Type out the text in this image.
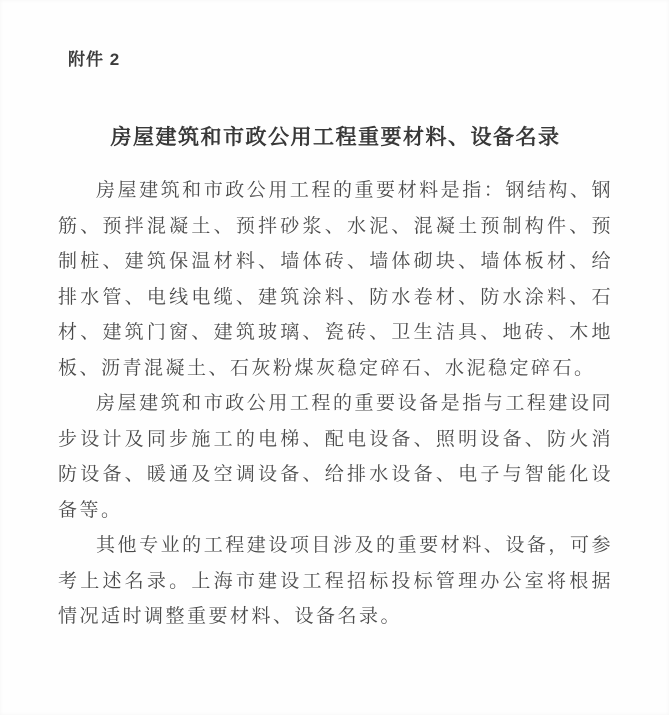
附件 2
房屋建筑和市政公用工程重要材料、设备名录

房屋建筑和市政公用工程的重要材料是指：钢结构、钢筋、预拌混凝土、预拌砂浆、水泥、混凝土预制构件、预制桩、建筑保温材料、墙体砖、墙体砌块、墙体板材、给排水管、电线电缆、建筑涂料、防水卷材、防水涂料、石材、建筑门窗、建筑玻璃、瓷砖、卫生洁具、地砖、木地板、沥青混凝土、石灰粉煤灰稳定碎石、水泥稳定碎石。

房屋建筑和市政公用工程的重要设备是指与工程建设同步设计及同步施工的电梯、配电设备、照明设备、防火消防设备、暖通及空调设备、给排水设备、电子与智能化设备等。

其他专业的工程建设项目涉及的重要材料、设备，可参考上述名录。上海市建设工程招标投标管理办公室将根据情况适时调整重要材料、设备名录。
